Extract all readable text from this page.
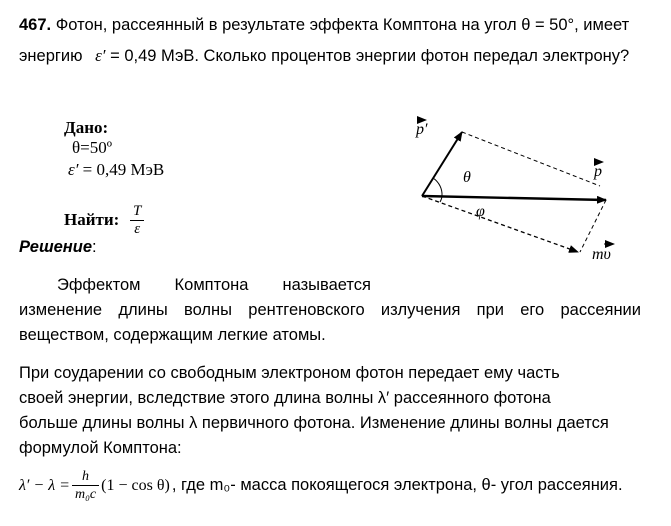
467. Фотон, рассеянный в результате эффекта Комптона на угол θ = 50°, имеет
энергию ε′ = 0,49 МэВ. Сколько процентов энергии фотон передал электрону?
Дано:
θ=50º
ε′ = 0,49 МэВ
Найти: $\frac{T}{\varepsilon}$
p′
p
θ
φ
mυ
Решение:
Эффектом Комптона называется
изменение длины волны рентгеновского излучения при его рассеянии
веществом, содержащим легкие атомы.
При соударении со свободным электроном фотон передает ему часть
своей энергии, вследствие этого длина волны λ′ рассеянного фотона
больше длины волны λ первичного фотона. Изменение длины волны дается
формулой Комптона:
$\lambda' - \lambda = \frac{h}{\text{m₀c}} (1 - \cos \theta)$ , где m₀- масса покоящегося электрона, θ- угол рассеяния.
